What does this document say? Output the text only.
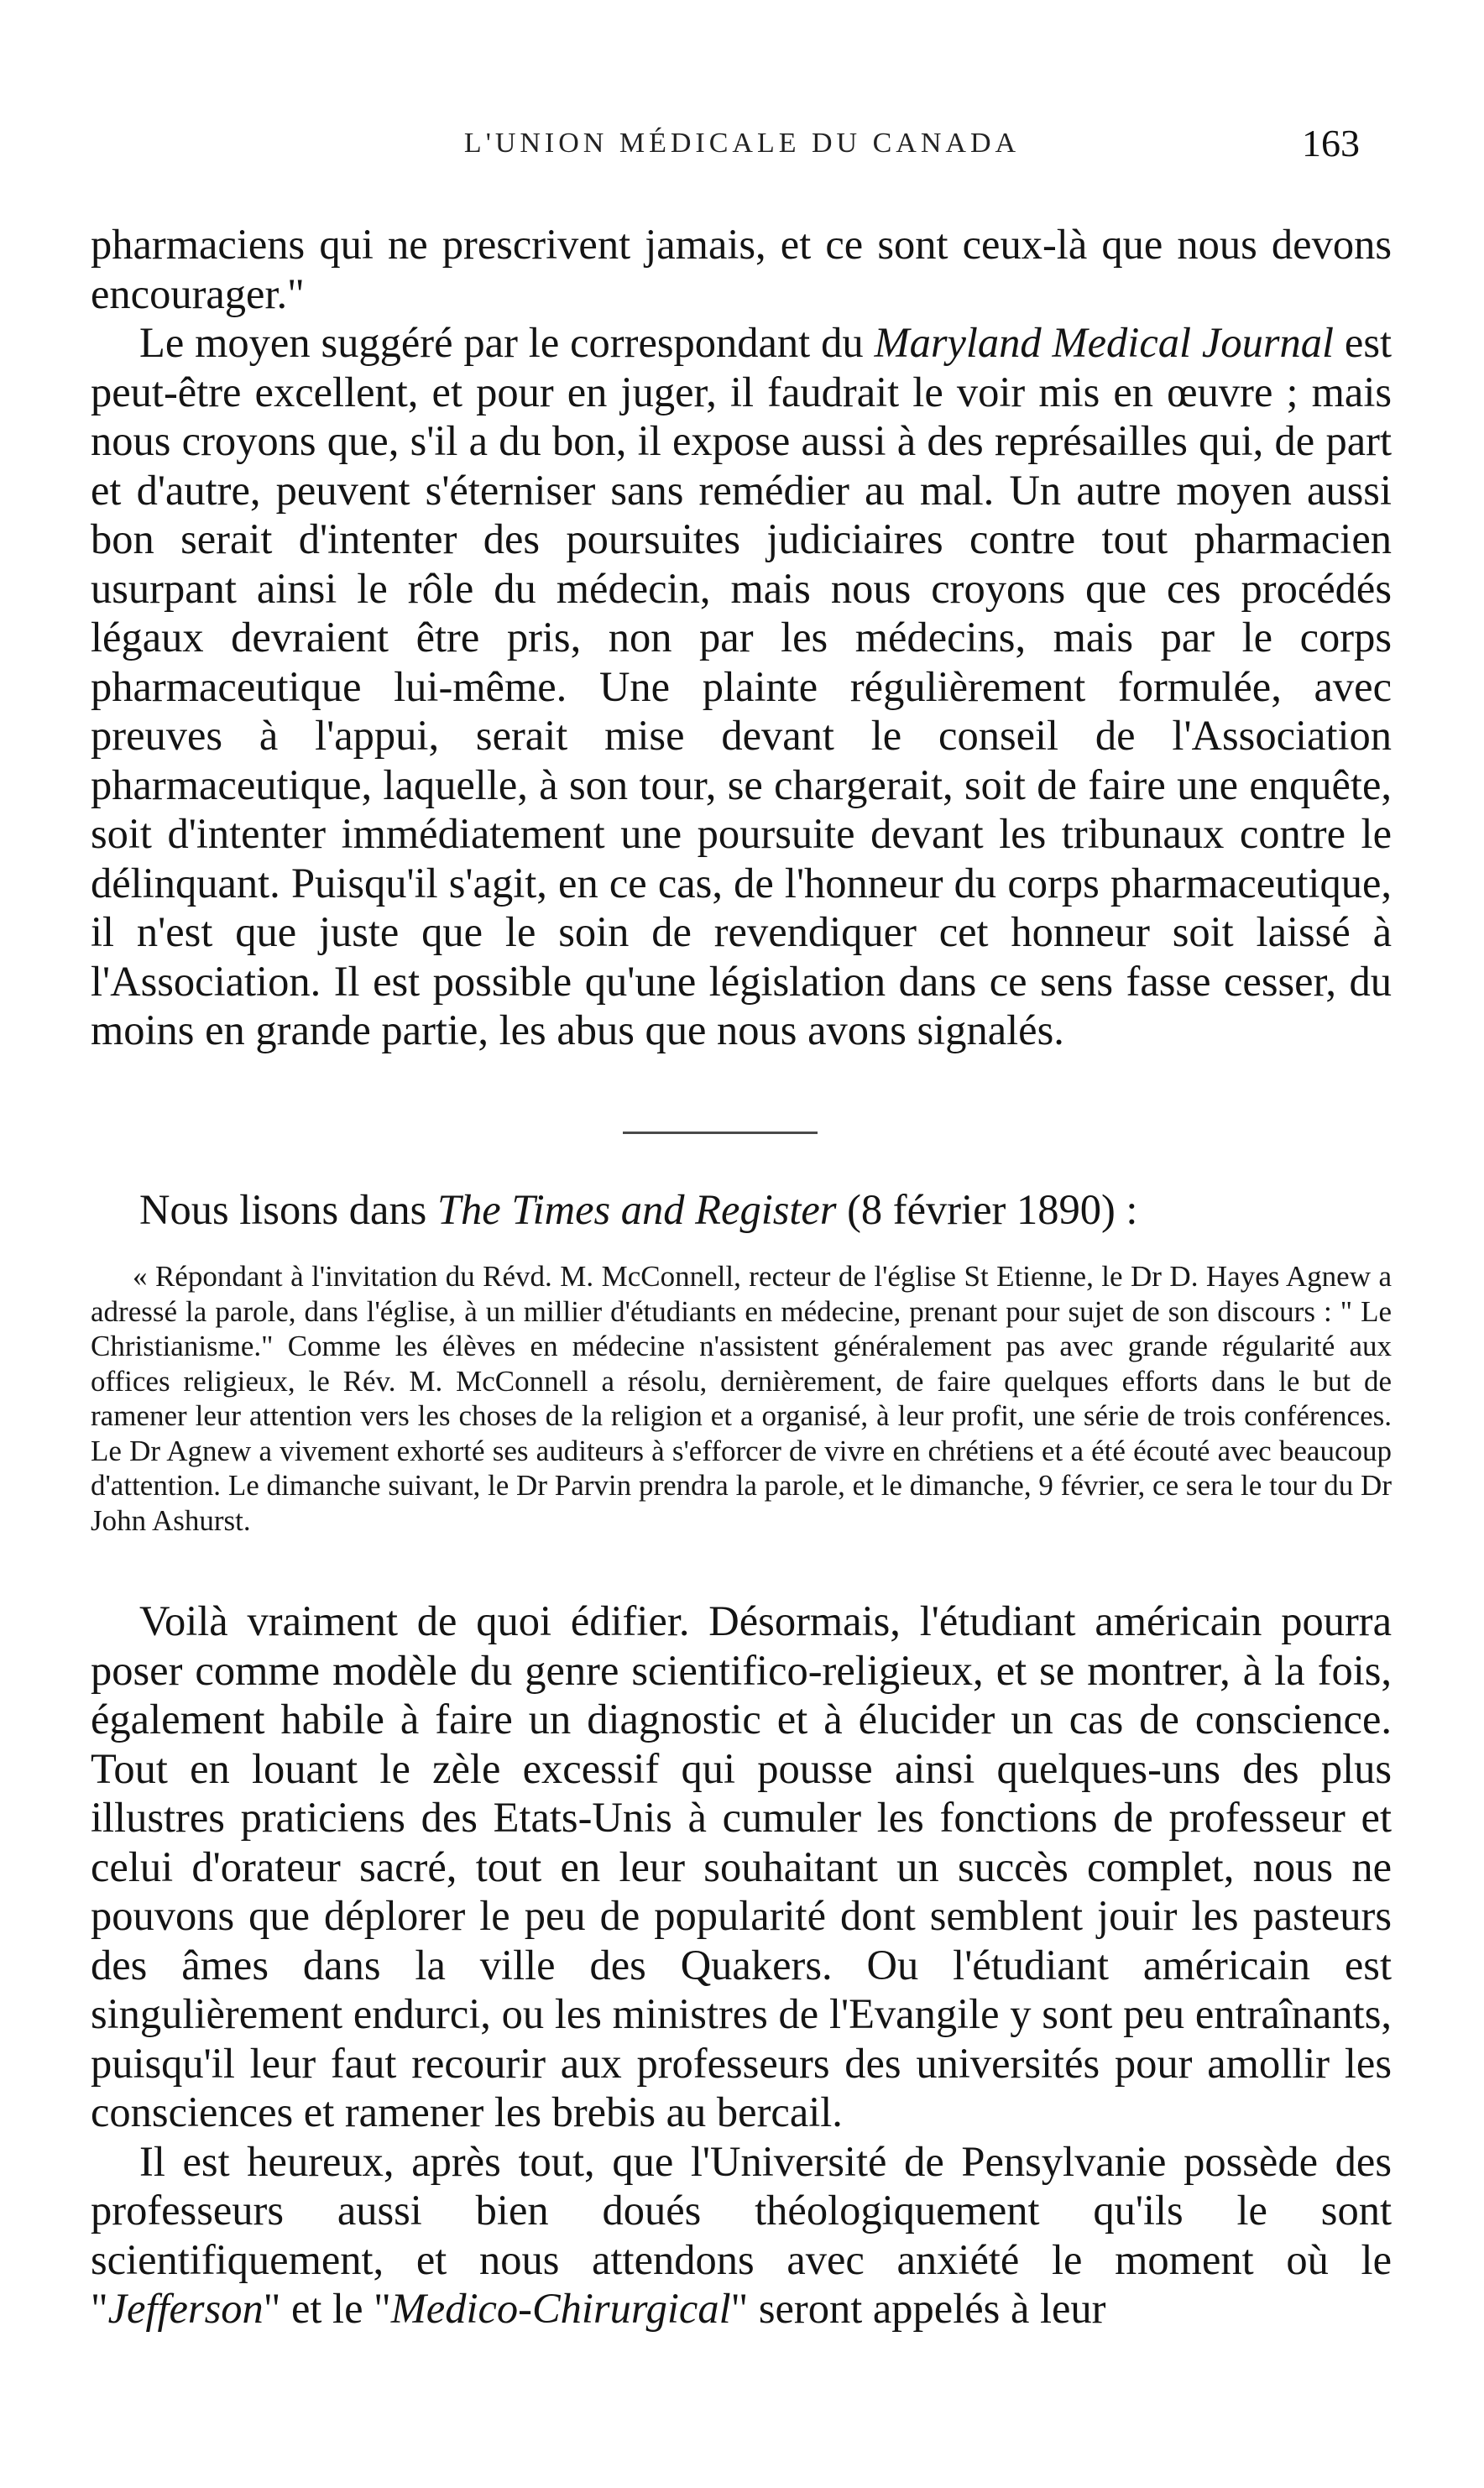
L'UNION MÉDICALE DU CANADA	163

pharmaciens qui ne prescrivent jamais, et ce sont ceux-là que nous devons encourager."

Le moyen suggéré par le correspondant du Maryland Medical Journal est peut-être excellent, et pour en juger, il faudrait le voir mis en œuvre ; mais nous croyons que, s'il a du bon, il expose aussi à des représailles qui, de part et d'autre, peuvent s'éterniser sans remédier au mal. Un autre moyen aussi bon serait d'intenter des poursuites judiciaires contre tout pharmacien usurpant ainsi le rôle du médecin, mais nous croyons que ces procédés légaux devraient être pris, non par les médecins, mais par le corps pharmaceutique lui-même. Une plainte régulièrement formulée, avec preuves à l'appui, serait mise devant le conseil de l'Association pharmaceutique, laquelle, à son tour, se chargerait, soit de faire une enquête, soit d'intenter immédiatement une poursuite devant les tribunaux contre le délinquant. Puisqu'il s'agit, en ce cas, de l'honneur du corps pharmaceutique, il n'est que juste que le soin de revendiquer cet honneur soit laissé à l'Association. Il est possible qu'une législation dans ce sens fasse cesser, du moins en grande partie, les abus que nous avons signalés.

Nous lisons dans The Times and Register (8 février 1890) :

« Répondant à l'invitation du Révd. M. McConnell, recteur de l'église St Etienne, le Dr D. Hayes Agnew a adressé la parole, dans l'église, à un millier d'étudiants en médecine, prenant pour sujet de son discours : " Le Christianisme." Comme les élèves en médecine n'assistent généralement pas avec grande régularité aux offices religieux, le Rév. M. McConnell a résolu, dernièrement, de faire quelques efforts dans le but de ramener leur attention vers les choses de la religion et a organisé, à leur profit, une série de trois conférences. Le Dr Agnew a vivement exhorté ses auditeurs à s'efforcer de vivre en chrétiens et a été écouté avec beaucoup d'attention. Le dimanche suivant, le Dr Parvin prendra la parole, et le dimanche, 9 février, ce sera le tour du Dr John Ashurst.

Voilà vraiment de quoi édifier. Désormais, l'étudiant américain pourra poser comme modèle du genre scientifico-religieux, et se montrer, à la fois, également habile à faire un diagnostic et à élucider un cas de conscience. Tout en louant le zèle excessif qui pousse ainsi quelques-uns des plus illustres praticiens des Etats-Unis à cumuler les fonctions de professeur et celui d'orateur sacré, tout en leur souhaitant un succès complet, nous ne pouvons que déplorer le peu de popularité dont semblent jouir les pasteurs des âmes dans la ville des Quakers. Ou l'étudiant américain est singulièrement endurci, ou les ministres de l'Evangile y sont peu entraînants, puisqu'il leur faut recourir aux professeurs des universités pour amollir les consciences et ramener les brebis au bercail.

Il est heureux, après tout, que l'Université de Pensylvanie possède des professeurs aussi bien doués théologiquement qu'ils le sont scientifiquement, et nous attendons avec anxiété le moment où le "Jefferson" et le "Medico-Chirurgical" seront appelés à leur
